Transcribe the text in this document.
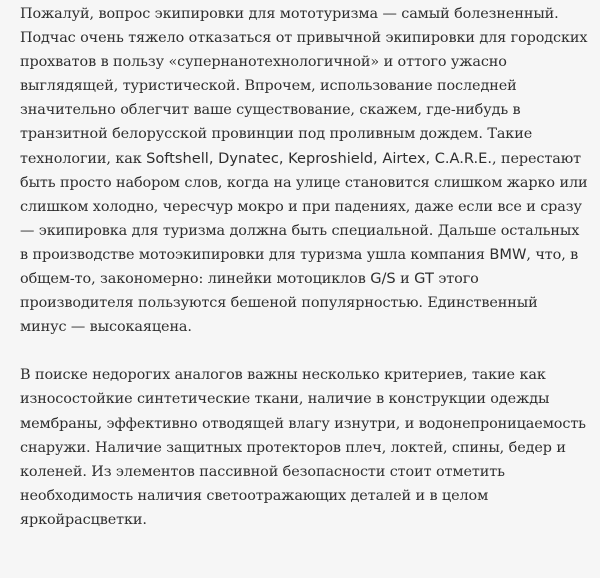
Пожалуй, вопрос экипировки для мототуризма — самый болезненный. Подчас очень тяжело отказаться от привычной экипировки для городских прохватов в пользу «супернанотехнологичной» и оттого ужасно выглядящей, туристической. Впрочем, использование последней значительно облегчит ваше существование, скажем, где-нибудь в транзитной белорусской провинции под проливным дождем. Такие технологии, как Softshell, Dynatec, Keproshield, Airtex, C.A.R.E., перестают быть просто набором слов, когда на улице становится слишком жарко или слишком холодно, чересчур мокро и при падениях, даже если все и сразу — экипировка для туризма должна быть специальной. Дальше остальных в производстве мотоэкипировки для туризма ушла компания BMW, что, в общем-то, закономерно: линейки мотоциклов G/S и GT этого производителя пользуются бешеной популярностью. Единственный минус — высокаяцена.

В поиске недорогих аналогов важны несколько критериев, такие как износостойкие синтетические ткани, наличие в конструкции одежды мембраны, эффективно отводящей влагу изнутри, и водонепроницаемость снаружи. Наличие защитных протекторов плеч, локтей, спины, бедер и коленей. Из элементов пассивной безопасности стоит отметить необходимость наличия светоотражающих деталей и в целом яркойрасцветки.
